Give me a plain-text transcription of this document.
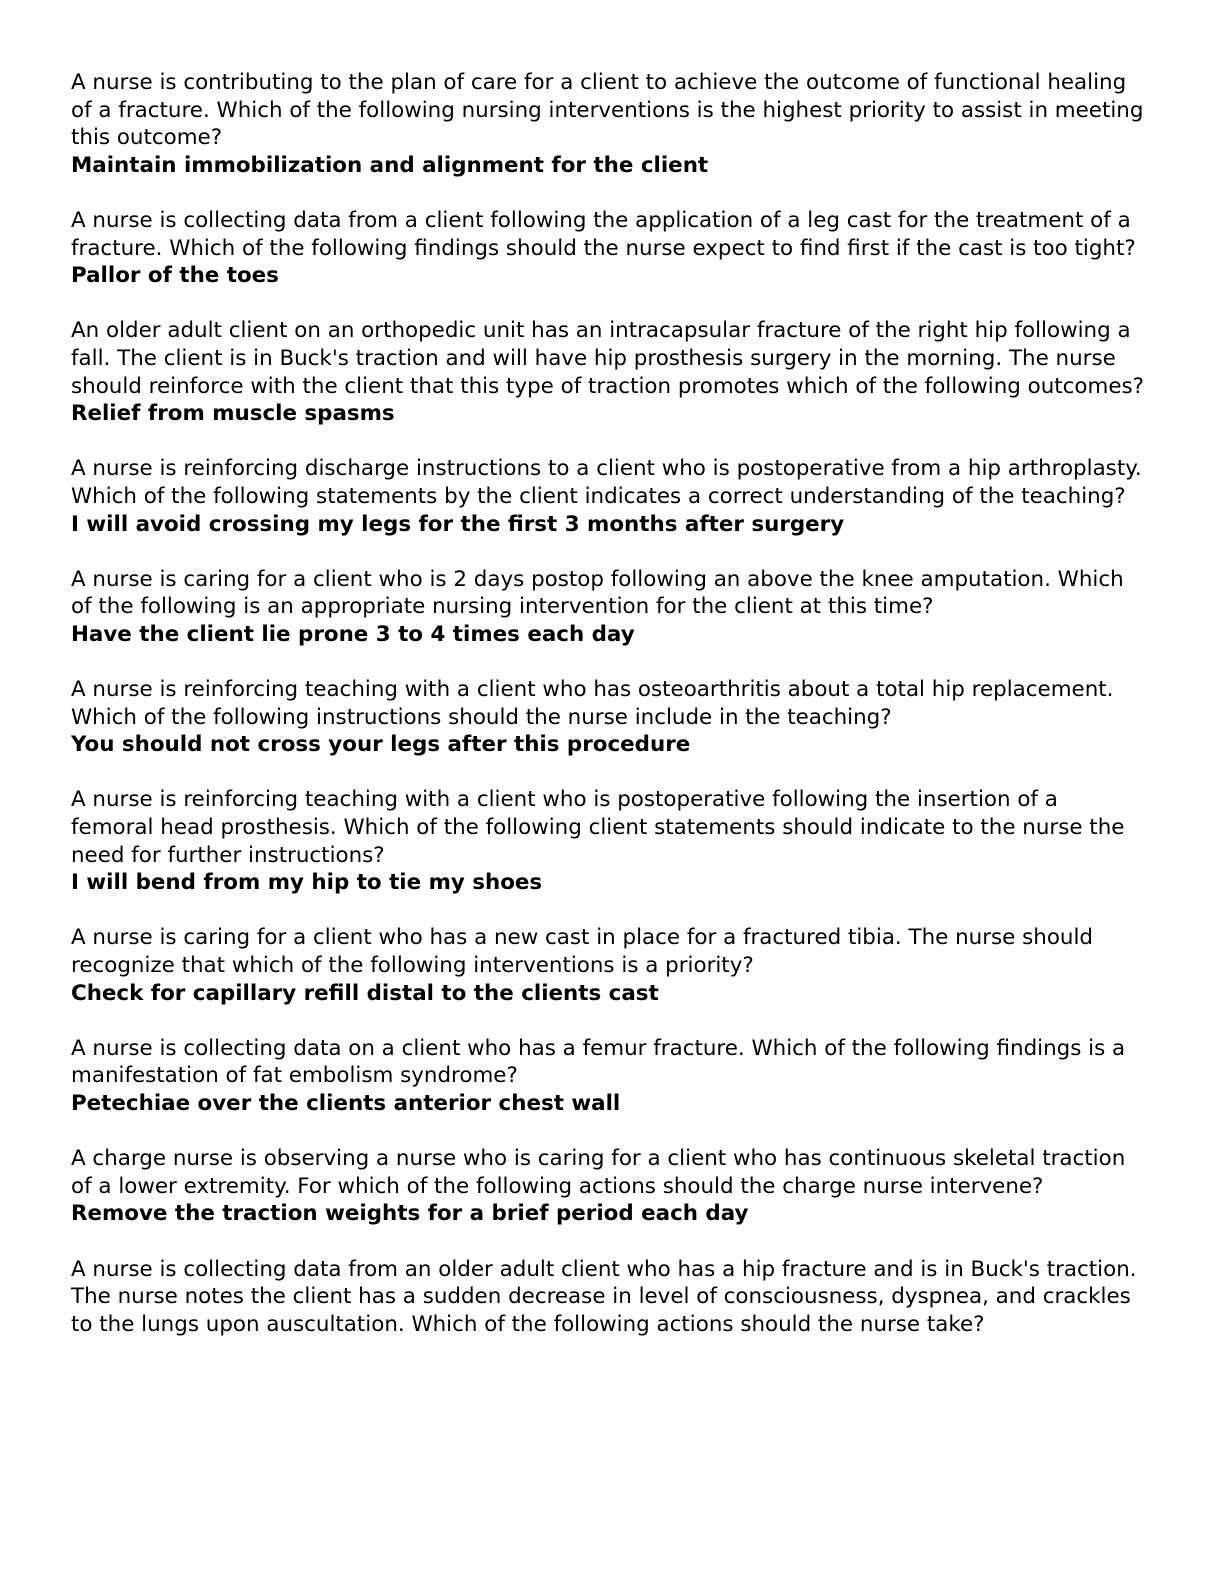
A nurse is contributing to the plan of care for a client to achieve the outcome of functional healing of a fracture. Which of the following nursing interventions is the highest priority to assist in meeting this outcome?

Maintain immobilization and alignment for the client

A nurse is collecting data from a client following the application of a leg cast for the treatment of a fracture. Which of the following findings should the nurse expect to find first if the cast is too tight?

Pallor of the toes

An older adult client on an orthopedic unit has an intracapsular fracture of the right hip following a fall. The client is in Buck's traction and will have hip prosthesis surgery in the morning. The nurse should reinforce with the client that this type of traction promotes which of the following outcomes?

Relief from muscle spasms

A nurse is reinforcing discharge instructions to a client who is postoperative from a hip arthroplasty. Which of the following statements by the client indicates a correct understanding of the teaching?

I will avoid crossing my legs for the first 3 months after surgery

A nurse is caring for a client who is 2 days postop following an above the knee amputation. Which of the following is an appropriate nursing intervention for the client at this time?

Have the client lie prone 3 to 4 times each day

A nurse is reinforcing teaching with a client who has osteoarthritis about a total hip replacement. Which of the following instructions should the nurse include in the teaching?

You should not cross your legs after this procedure

A nurse is reinforcing teaching with a client who is postoperative following the insertion of a femoral head prosthesis. Which of the following client statements should indicate to the nurse the need for further instructions?

I will bend from my hip to tie my shoes

A nurse is caring for a client who has a new cast in place for a fractured tibia. The nurse should recognize that which of the following interventions is a priority?

Check for capillary refill distal to the clients cast

A nurse is collecting data on a client who has a femur fracture. Which of the following findings is a manifestation of fat embolism syndrome?

Petechiae over the clients anterior chest wall

A charge nurse is observing a nurse who is caring for a client who has continuous skeletal traction of a lower extremity. For which of the following actions should the charge nurse intervene?

Remove the traction weights for a brief period each day

A nurse is collecting data from an older adult client who has a hip fracture and is in Buck's traction. The nurse notes the client has a sudden decrease in level of consciousness, dyspnea, and crackles to the lungs upon auscultation. Which of the following actions should the nurse take?
